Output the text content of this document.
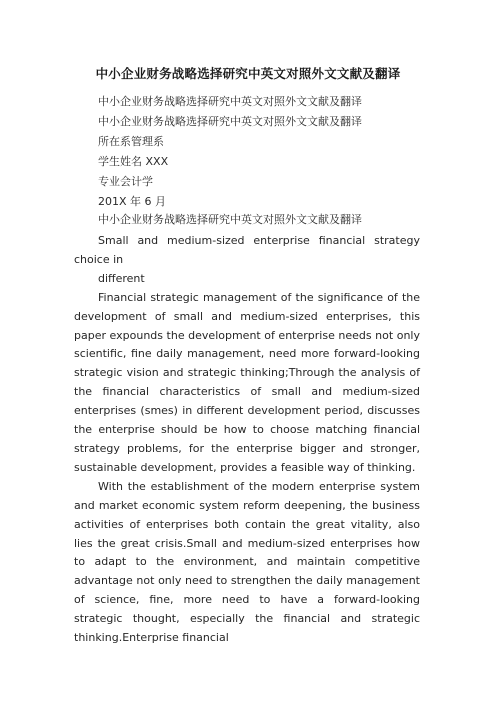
中小企业财务战略选择研究中英文对照外文文献及翻译
中小企业财务战略选择研究中英文对照外文文献及翻译
中小企业财务战略选择研究中英文对照外文文献及翻译
所在系管理系
学生姓名 XXX
专业会计学
201X 年 6 月
中小企业财务战略选择研究中英文对照外文文献及翻译

Small and medium-sized enterprise financial strategy choice in

different

Financial strategic management of the significance of the development of small and medium-sized enterprises, this paper expounds the development of enterprise needs not only scientific, fine daily management, need more forward-looking strategic vision and strategic thinking;Through the analysis of the financial characteristics of small and medium-sized enterprises (smes) in different development period, discusses the enterprise should be how to choose matching financial strategy problems, for the enterprise bigger and stronger, sustainable development, provides a feasible way of thinking.

With the establishment of the modern enterprise system and market economic system reform deepening, the business activities of enterprises both contain the great vitality, also lies the great crisis.Small and medium-sized enterprises how to adapt to the environment, and maintain competitive advantage not only need to strengthen the daily management of science, fine, more need to have a forward-looking strategic thought, especially the financial and strategic thinking.Enterprise financial
